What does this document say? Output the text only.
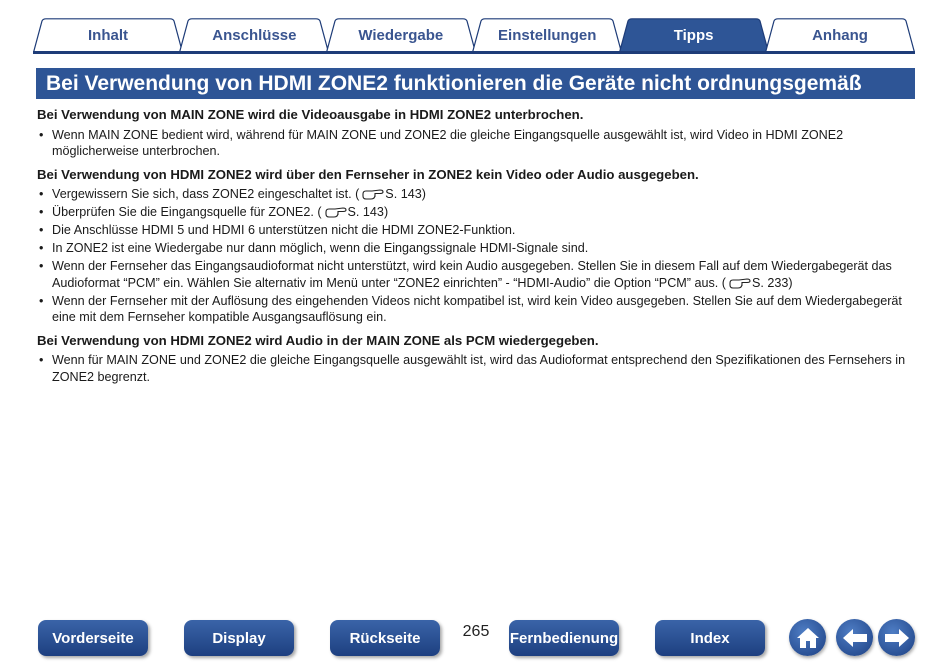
Inhalt	Anschlüsse	Wiedergabe	Einstellungen	Tipps	Anhang
Bei Verwendung von HDMI ZONE2 funktionieren die Geräte nicht ordnungsgemäß
Bei Verwendung von MAIN ZONE wird die Videoausgabe in HDMI ZONE2 unterbrochen.
• Wenn MAIN ZONE bedient wird, während für MAIN ZONE und ZONE2 die gleiche Eingangsquelle ausgewählt ist, wird Video in HDMI ZONE2 möglicherweise unterbrochen.
Bei Verwendung von HDMI ZONE2 wird über den Fernseher in ZONE2 kein Video oder Audio ausgegeben.
• Vergewissern Sie sich, dass ZONE2 eingeschaltet ist. ( S. 143)
• Überprüfen Sie die Eingangsquelle für ZONE2. ( S. 143)
• Die Anschlüsse HDMI 5 und HDMI 6 unterstützen nicht die HDMI ZONE2-Funktion.
• In ZONE2 ist eine Wiedergabe nur dann möglich, wenn die Eingangssignale HDMI-Signale sind.
• Wenn der Fernseher das Eingangsaudioformat nicht unterstützt, wird kein Audio ausgegeben. Stellen Sie in diesem Fall auf dem Wiedergabegerät das Audioformat “PCM” ein. Wählen Sie alternativ im Menü unter “ZONE2 einrichten” - “HDMI-Audio” die Option “PCM” aus. ( S. 233)
• Wenn der Fernseher mit der Auflösung des eingehenden Videos nicht kompatibel ist, wird kein Video ausgegeben. Stellen Sie auf dem Wiedergabegerät eine mit dem Fernseher kompatible Ausgangsauflösung ein.
Bei Verwendung von HDMI ZONE2 wird Audio in der MAIN ZONE als PCM wiedergegeben.
• Wenn für MAIN ZONE und ZONE2 die gleiche Eingangsquelle ausgewählt ist, wird das Audioformat entsprechend den Spezifikationen des Fernsehers in ZONE2 begrenzt.
Vorderseite	Display	Rückseite	265	Fernbedienung	Index
